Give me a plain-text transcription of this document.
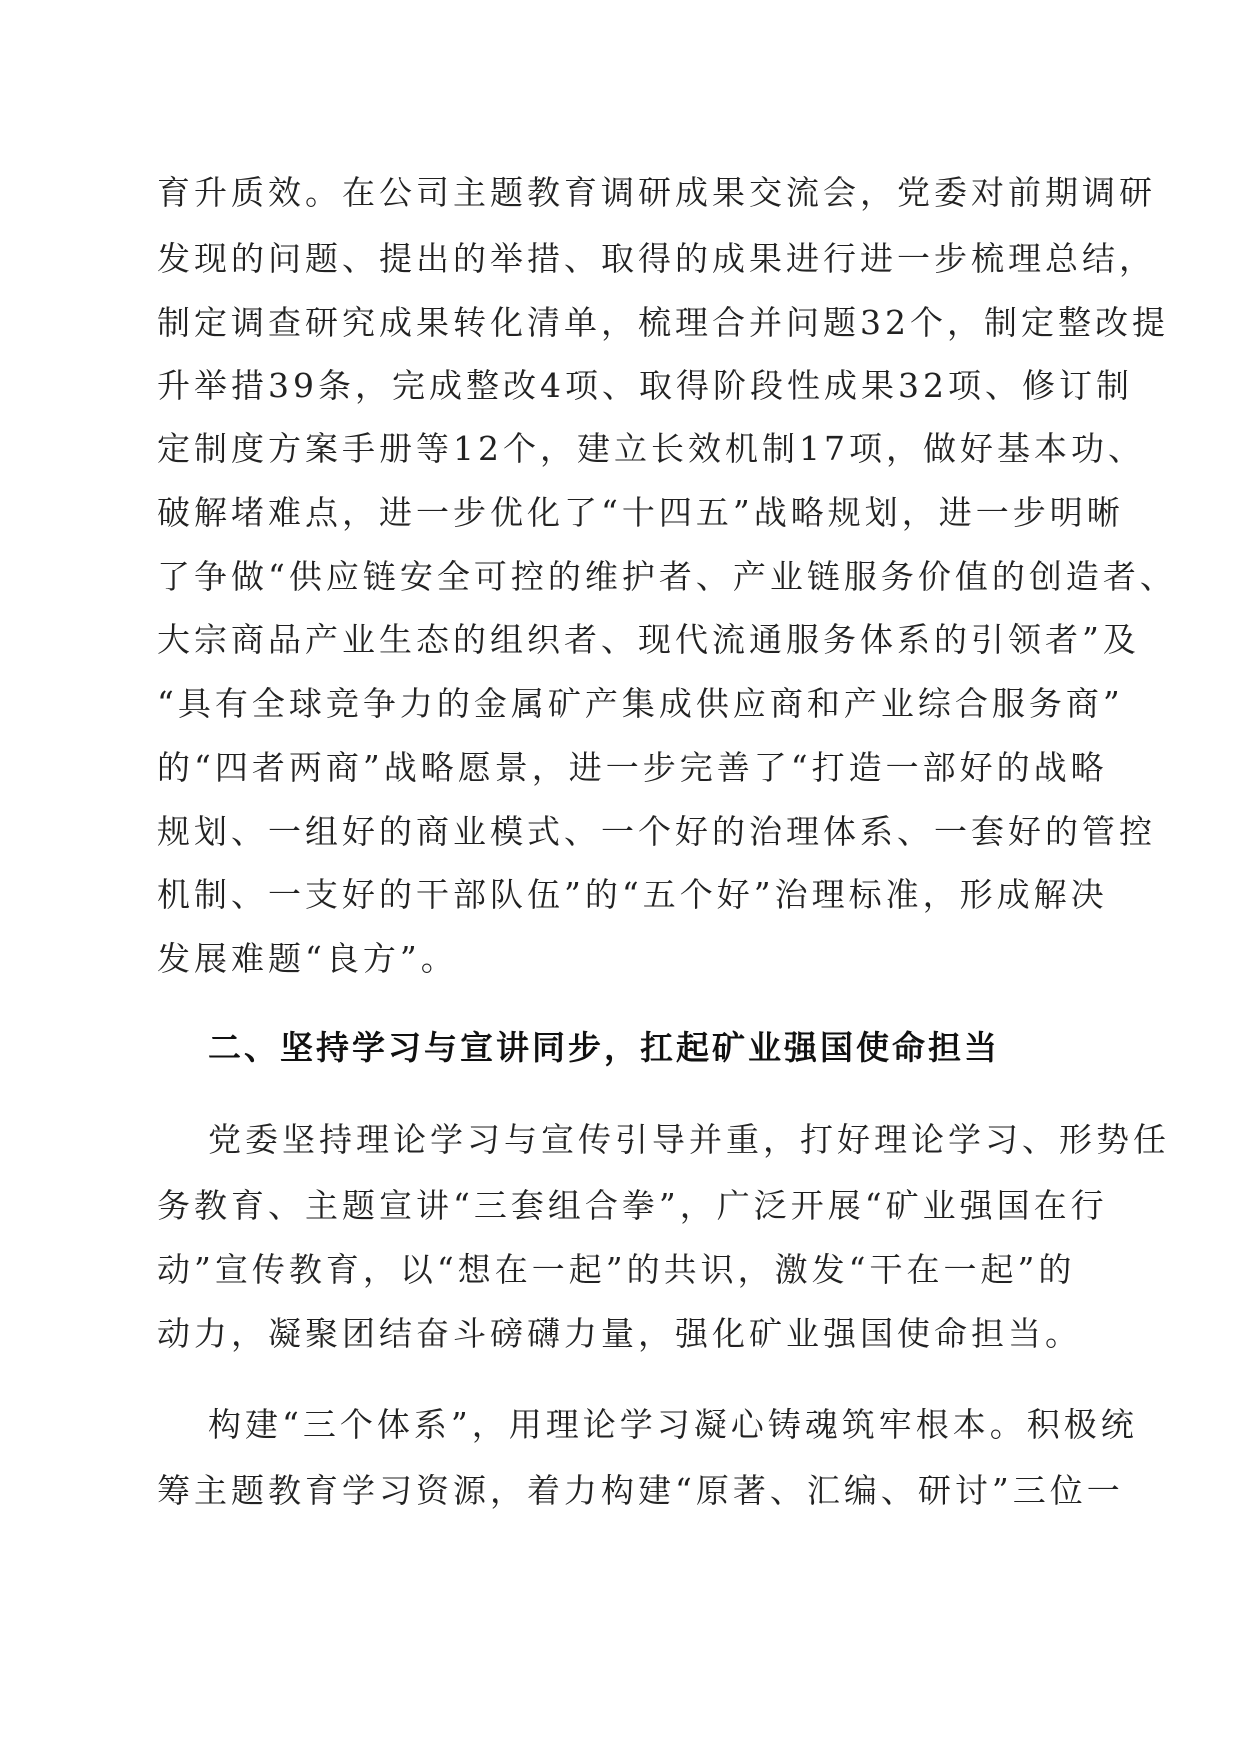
育升质效。在公司主题教育调研成果交流会，党委对前期调研
发现的问题、提出的举措、取得的成果进行进一步梳理总结，
制定调查研究成果转化清单，梳理合并问题32个，制定整改提
升举措39条，完成整改4项、取得阶段性成果32项、修订制
定制度方案手册等12个，建立长效机制17项，做好基本功、
破解堵难点，进一步优化了“十四五”战略规划，进一步明晰
了争做“供应链安全可控的维护者、产业链服务价值的创造者、
大宗商品产业生态的组织者、现代流通服务体系的引领者”及
“具有全球竞争力的金属矿产集成供应商和产业综合服务商”
的“四者两商”战略愿景，进一步完善了“打造一部好的战略
规划、一组好的商业模式、一个好的治理体系、一套好的管控
机制、一支好的干部队伍”的“五个好”治理标准，形成解决
发展难题“良方”。
二、坚持学习与宣讲同步，扛起矿业强国使命担当
党委坚持理论学习与宣传引导并重，打好理论学习、形势任
务教育、主题宣讲“三套组合拳”，广泛开展“矿业强国在行
动”宣传教育，以“想在一起”的共识，激发“干在一起”的
动力，凝聚团结奋斗磅礴力量，强化矿业强国使命担当。
构建“三个体系”，用理论学习凝心铸魂筑牢根本。积极统
筹主题教育学习资源，着力构建“原著、汇编、研讨”三位一
